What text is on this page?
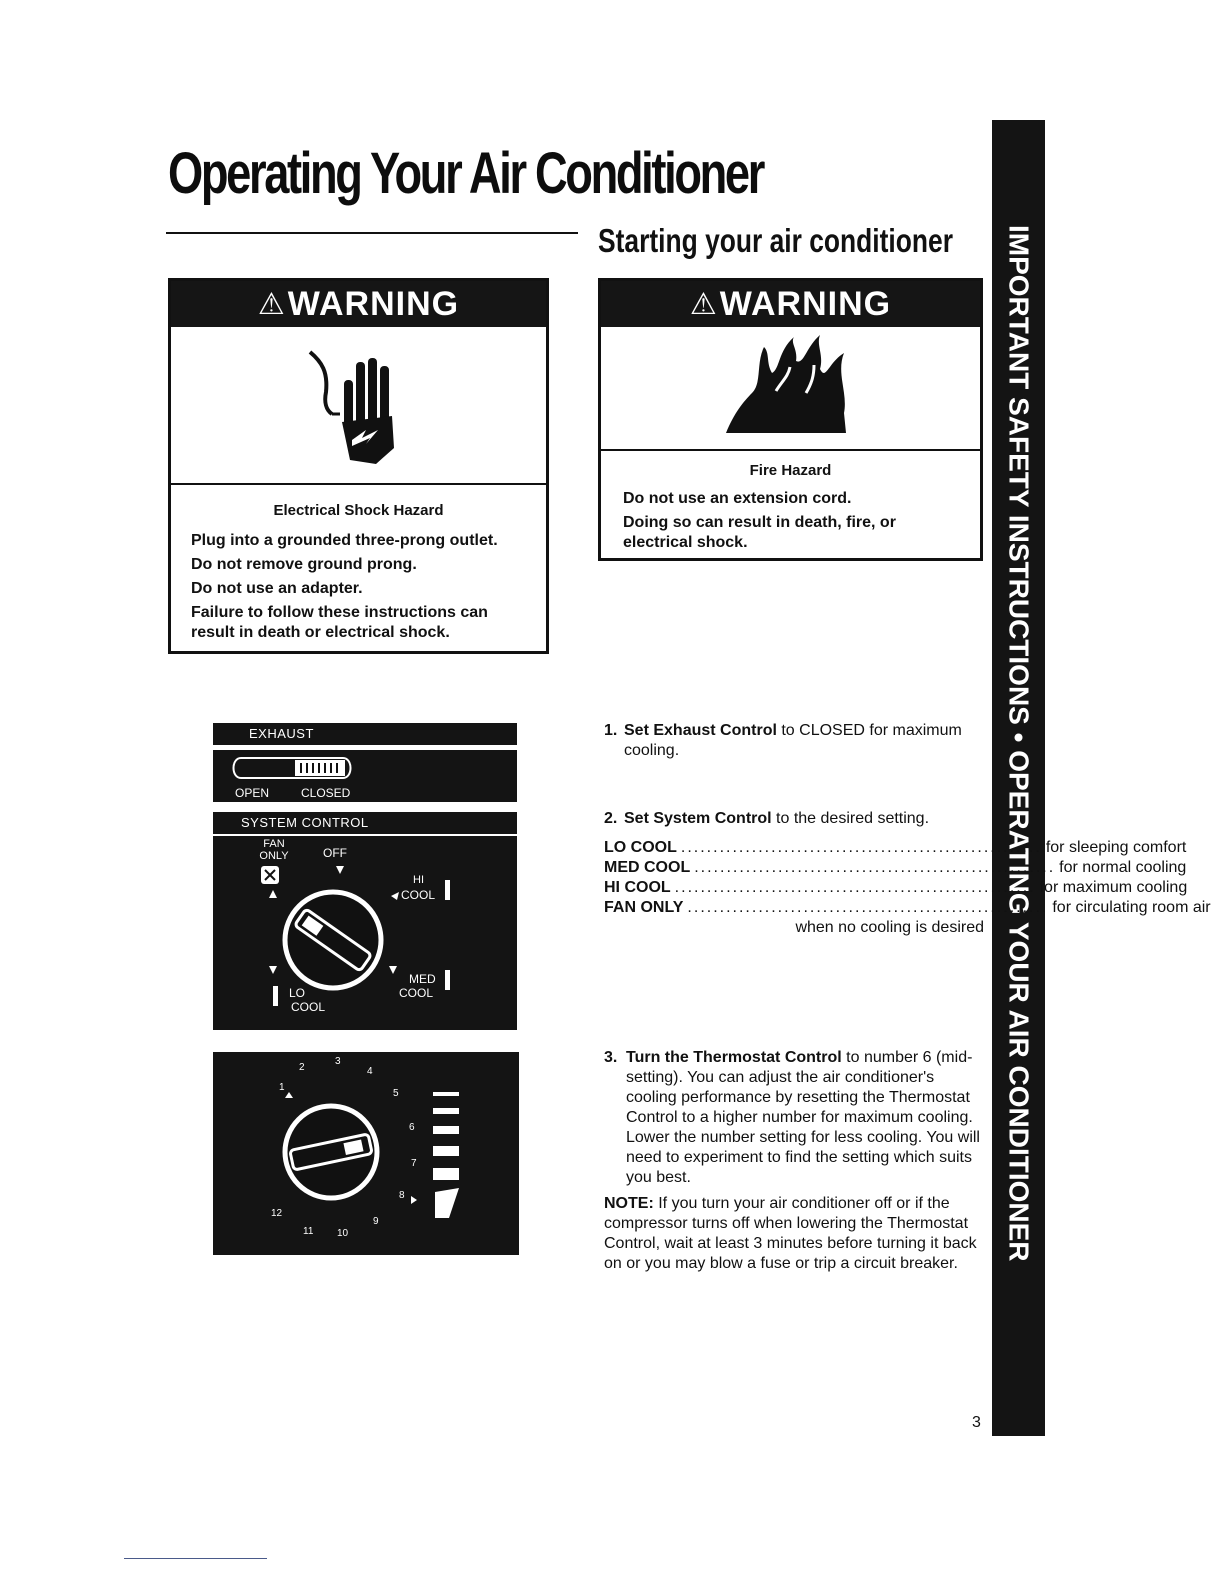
Operating Your Air Conditioner
Starting your air conditioner IMPORTANT SAFETY INSTRUCTIONS • OPERATING YOUR AIR CONDITIONER
⚠ WARNING
Electrical Shock Hazard
Plug into a grounded three-prong outlet.
Do not remove ground prong.
Do not use an adapter.
Failure to follow these instructions can result in death or electrical shock.
⚠ WARNING
Fire Hazard
Do not use an extension cord.
Doing so can result in death, fire, or electrical shock.
EXHAUST
OPEN	CLOSED
SYSTEM CONTROL
FAN ONLY	OFF
HI
COOL
MED
COOL
LO
COOL
1
2
3
4
5
6
7
8
9
10
11
12
1. Set Exhaust Control to CLOSED for maximum cooling.
2. Set System Control to the desired setting.
LO COOL ........................................................ for sleeping comfort
MED COOL ........................................................ for normal cooling
HI COOL ........................................................ for maximum cooling
FAN ONLY ........................................................ for circulating room air
when no cooling is desired
3. Turn the Thermostat Control to number 6 (mid-setting). You can adjust the air conditioner's cooling performance by resetting the Thermostat Control to a higher number for maximum cooling. Lower the number setting for less cooling. You will need to experiment to find the setting which suits you best.
NOTE: If you turn your air conditioner off or if the compressor turns off when lowering the Thermostat Control, wait at least 3 minutes before turning it back on or you may blow a fuse or trip a circuit breaker.
3
